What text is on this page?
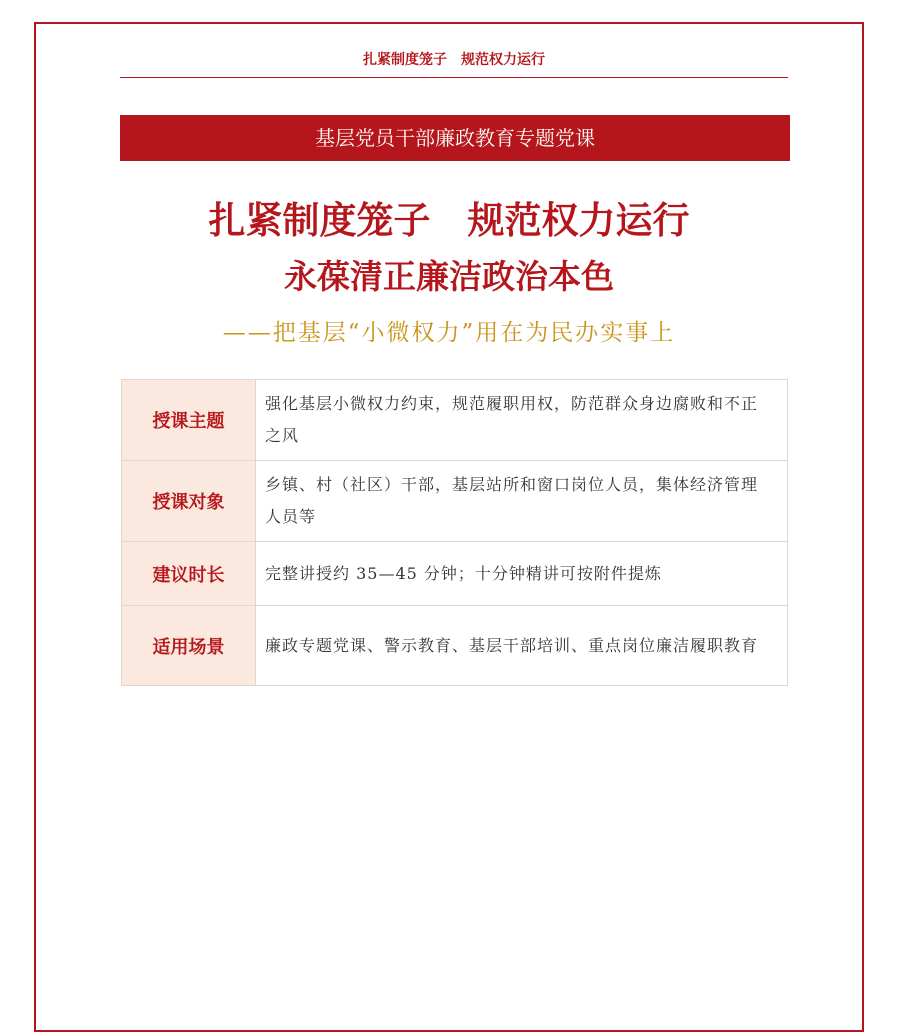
扎紧制度笼子　规范权力运行
基层党员干部廉政教育专题党课
扎紧制度笼子　规范权力运行
永葆清正廉洁政治本色
——把基层“小微权力”用在为民办实事上
授课主题	强化基层小微权力约束，规范履职用权，防范群众身边腐败和不正之风
授课对象	乡镇、村（社区）干部，基层站所和窗口岗位人员，集体经济管理人员等
建议时长	完整讲授约 35—45 分钟；十分钟精讲可按附件提炼
适用场景	廉政专题党课、警示教育、基层干部培训、重点岗位廉洁履职教育
